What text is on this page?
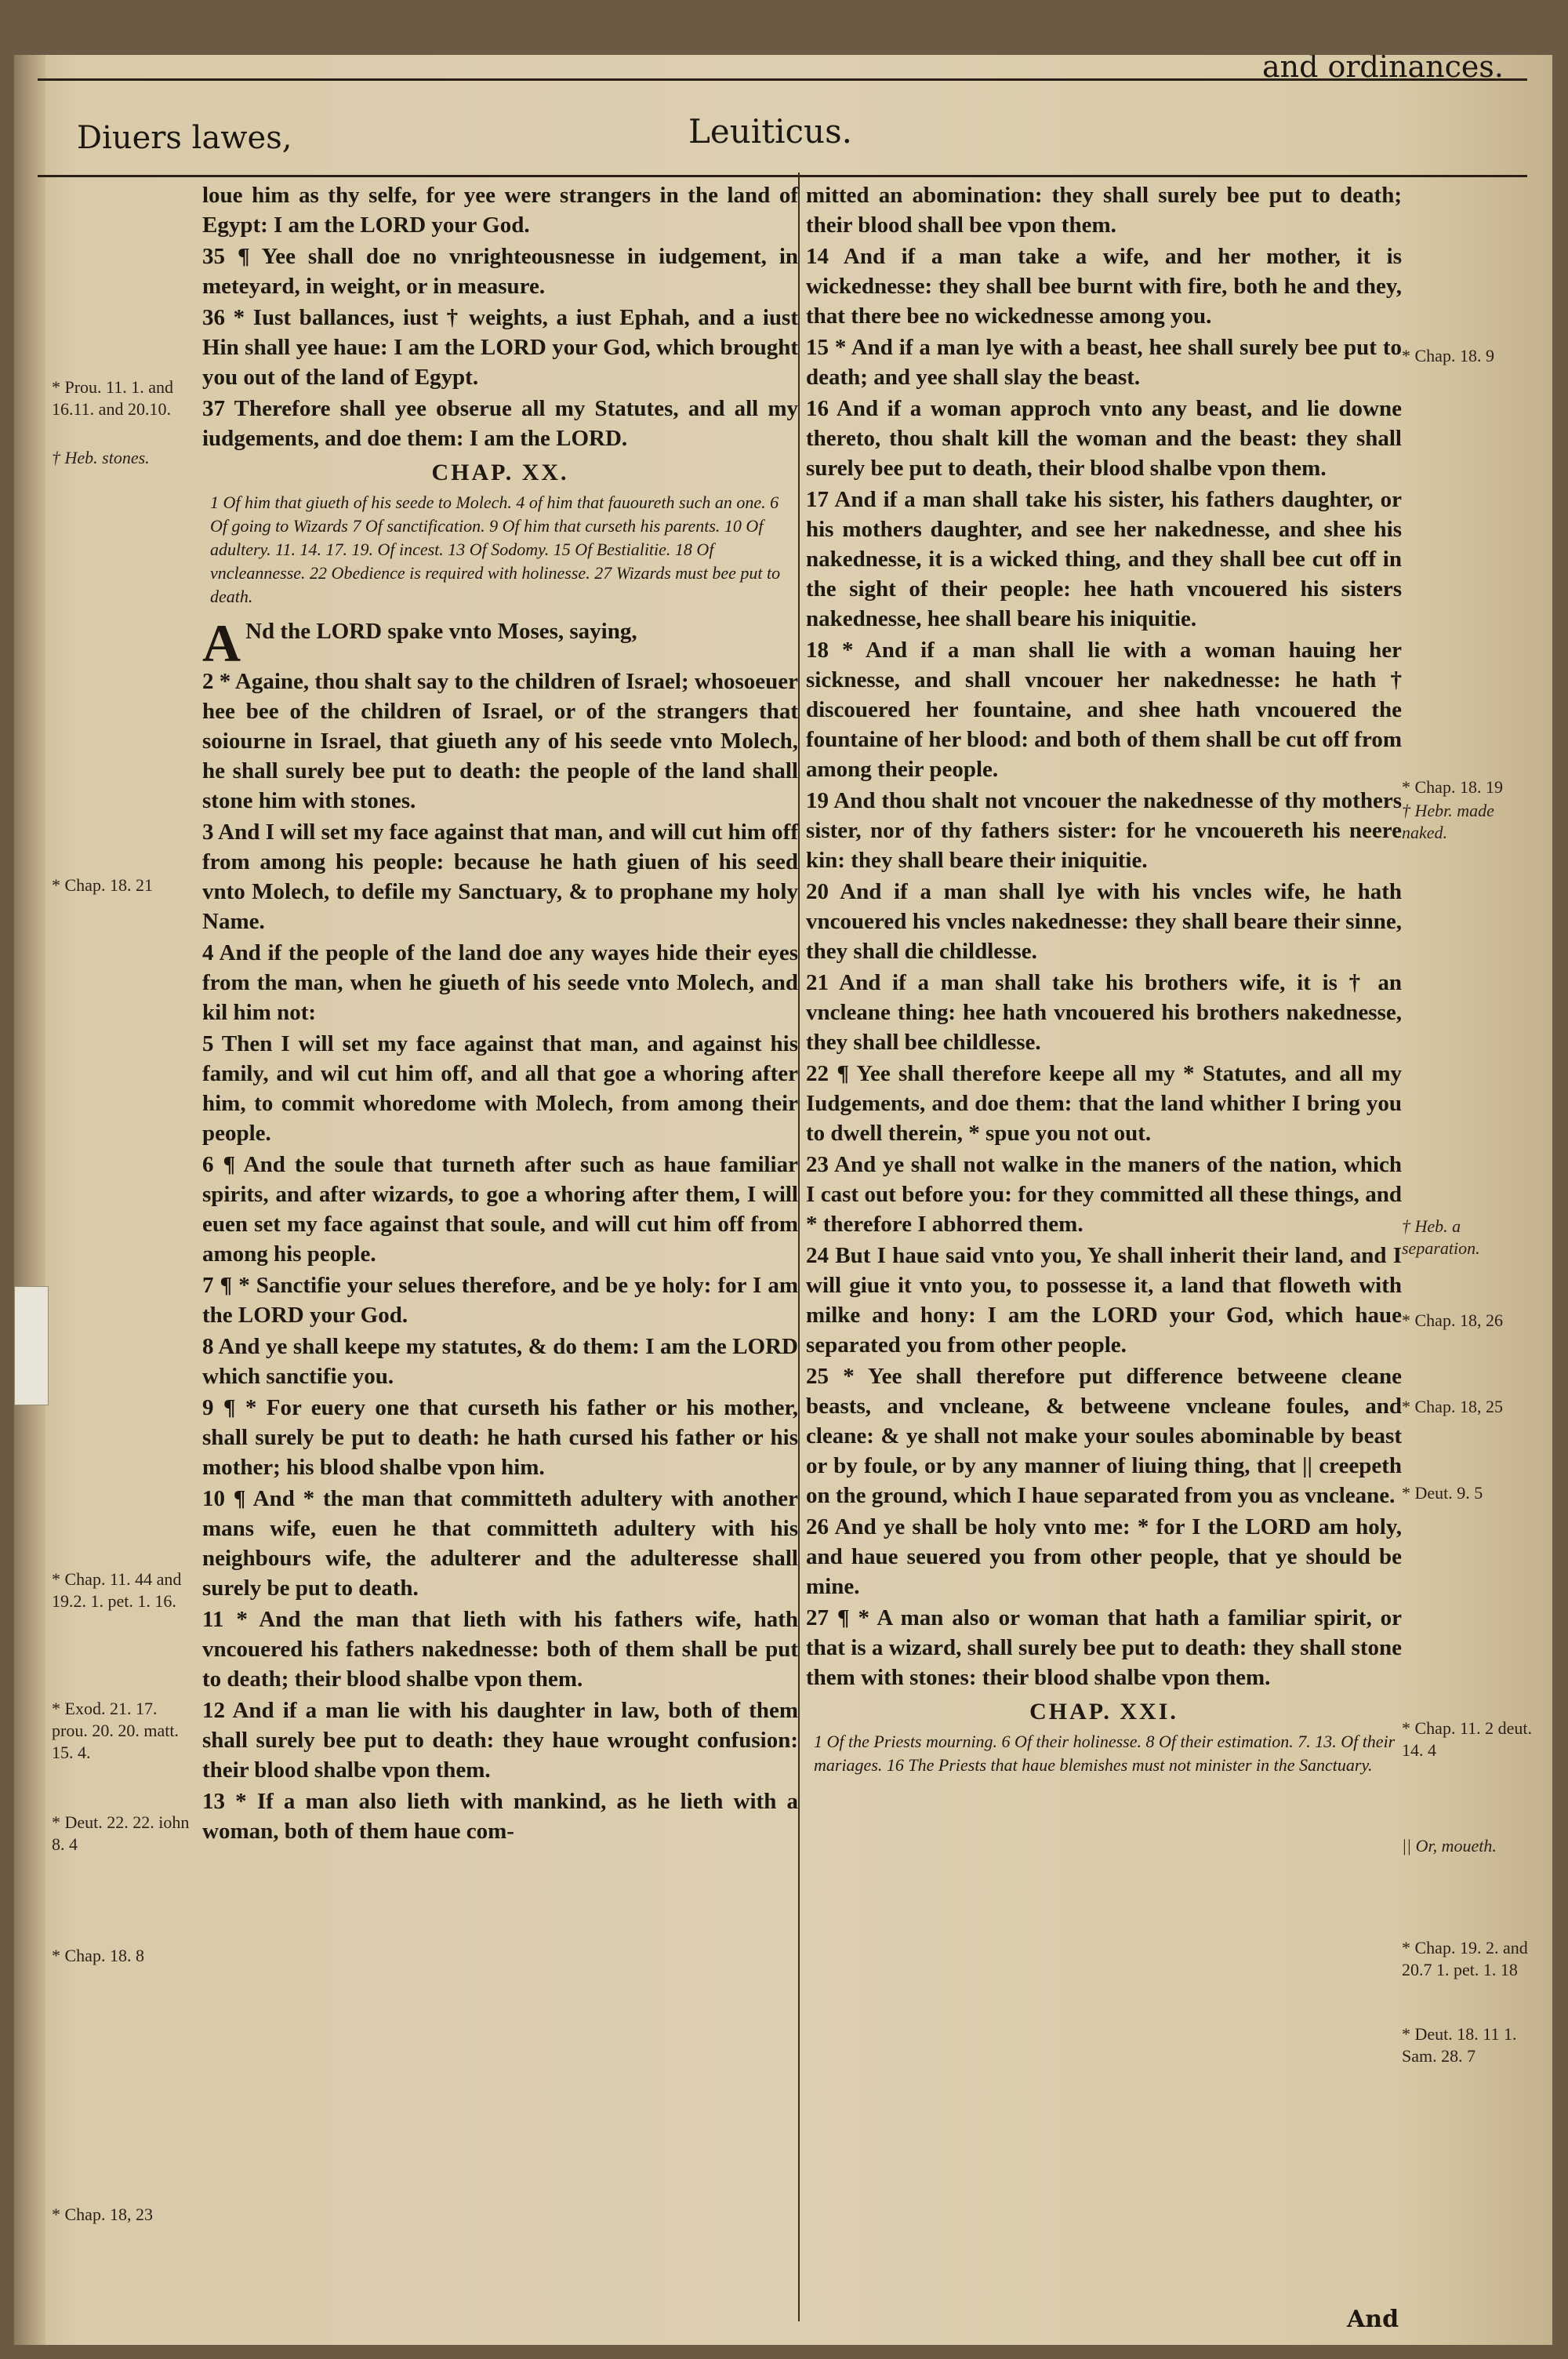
Diuers lawes,	Leuiticus.
and ordinances.

loue him as thy selfe, for yee were strangers in the land of Egypt: I am the LORD your God.

35 ¶ Yee shall doe no vnrighteousnesse in iudgement, in meteyard, in weight, or in measure.

36 * Iust ballances, iust † weights, a iust Ephah, and a iust Hin shall yee haue: I am the LORD your God, which brought you out of the land of Egypt.

37 Therefore shall yee obserue all my Statutes, and all my iudgements, and doe them: I am the LORD.

CHAP. XX.

1 Of him that giueth of his seede to Molech. 4 of him that fauoureth such an one. 6 Of going to Wizards 7 Of sanctification. 9 Of him that curseth his parents. 10 Of adultery. 11. 14. 17. 19. Of incest. 13 Of Sodomy. 15 Of Bestialitie. 18 Of vncleannesse. 22 Obedience is required with holinesse. 27 Wizards must bee put to death.

A Nd the LORD spake vnto Moses, saying,

2 * Againe, thou shalt say to the children of Israel; whosoeuer hee bee of the children of Israel, or of the strangers that soiourne in Israel, that giueth any of his seede vnto Molech, he shall surely bee put to death: the people of the land shall stone him with stones.

3 And I will set my face against that man, and will cut him off from among his people: because he hath giuen of his seed vnto Molech, to defile my Sanctuary, & to prophane my holy Name.

4 And if the people of the land doe any wayes hide their eyes from the man, when he giueth of his seede vnto Molech, and kil him not:

5 Then I will set my face against that man, and against his family, and wil cut him off, and all that goe a whoring after him, to commit whoredome with Molech, from among their people.

6 ¶ And the soule that turneth after such as haue familiar spirits, and after wizards, to goe a whoring after them, I will euen set my face against that soule, and will cut him off from among his people.

7 ¶ * Sanctifie your selues therefore, and be ye holy: for I am the LORD your God.

8 And ye shall keepe my statutes, & do them: I am the LORD which sanctifie you.

9 ¶ * For euery one that curseth his father or his mother, shall surely be put to death: he hath cursed his father or his mother; his blood shalbe vpon him.

10 ¶ And * the man that committeth adultery with another mans wife, euen he that committeth adultery with his neighbours wife, the adulterer and the adulteresse shall surely be put to death.

11 * And the man that lieth with his fathers wife, hath vncouered his fathers nakednesse: both of them shall be put to death; their blood shalbe vpon them.

12 And if a man lie with his daughter in law, both of them shall surely bee put to death: they haue wrought confusion: their blood shalbe vpon them.

13 * If a man also lieth with mankind, as he lieth with a woman, both of them haue com-

mitted an abomination: they shall surely bee put to death; their blood shall bee vpon them.

14 And if a man take a wife, and her mother, it is wickednesse: they shall bee burnt with fire, both he and they, that there bee no wickednesse among you.

15 * And if a man lye with a beast, hee shall surely bee put to death; and yee shall slay the beast.

16 And if a woman approch vnto any beast, and lie downe thereto, thou shalt kill the woman and the beast: they shall surely bee put to death, their blood shalbe vpon them.

17 And if a man shall take his sister, his fathers daughter, or his mothers daughter, and see her nakednesse, and shee his nakednesse, it is a wicked thing, and they shall bee cut off in the sight of their people: hee hath vncouered his sisters nakednesse, hee shall beare his iniquitie.

18 * And if a man shall lie with a woman hauing her sicknesse, and shall vncouer her nakednesse: he hath † discouered her fountaine, and shee hath vncouered the fountaine of her blood: and both of them shall be cut off from among their people.

19 And thou shalt not vncouer the nakednesse of thy mothers sister, nor of thy fathers sister: for he vncouereth his neere kin: they shall beare their iniquitie.

20 And if a man shall lye with his vncles wife, he hath vncouered his vncles nakednesse: they shall beare their sinne, they shall die childlesse.

21 And if a man shall take his brothers wife, it is † an vncleane thing: hee hath vncouered his brothers nakednesse, they shall bee childlesse.

22 ¶ Yee shall therefore keepe all my * Statutes, and all my Iudgements, and doe them: that the land whither I bring you to dwell therein, * spue you not out.

23 And ye shall not walke in the maners of the nation, which I cast out before you: for they committed all these things, and * therefore I abhorred them.

24 But I haue said vnto you, Ye shall inherit their land, and I will giue it vnto you, to possesse it, a land that floweth with milke and hony: I am the LORD your God, which haue separated you from other people.

25 * Yee shall therefore put difference betweene cleane beasts, and vncleane, & betweene vncleane foules, and cleane: & ye shall not make your soules abominable by beast or by foule, or by any manner of liuing thing, that || creepeth on the ground, which I haue separated from you as vncleane.

26 And ye shall be holy vnto me: * for I the LORD am holy, and haue seuered you from other people, that ye should be mine.

27 ¶ * A man also or woman that hath a familiar spirit, or that is a wizard, shall surely bee put to death: they shall stone them with stones: their blood shalbe vpon them.

CHAP. XXI.

1 Of the Priests mourning. 6 Of their holinesse. 8 Of their estimation. 7. 13. Of their mariages. 16 The Priests that haue blemishes must not minister in the Sanctuary.

And
* Prou. 11. 1. and 16.11. and 20.10.
† Heb. stones.
* Chap. 18. 21
* Chap. 11. 44 and 19.2. 1. pet. 1. 16.
* Exod. 21. 17. prou. 20. 20. matt. 15. 4.
* Deut. 22. 22. iohn 8. 4
* Chap. 18. 8
* Chap. 18, 23
* Chap. 18. 9
* Chap. 18. 19
† Hebr. made naked.
† Heb. a separation.
* Chap. 18, 26
* Chap. 18, 25
* Deut. 9. 5
* Chap. 11. 2 deut. 14. 4
|| Or, moueth.
* Chap. 19. 2. and 20.7 1. pet. 1. 18
* Deut. 18. 11 1. Sam. 28. 7
